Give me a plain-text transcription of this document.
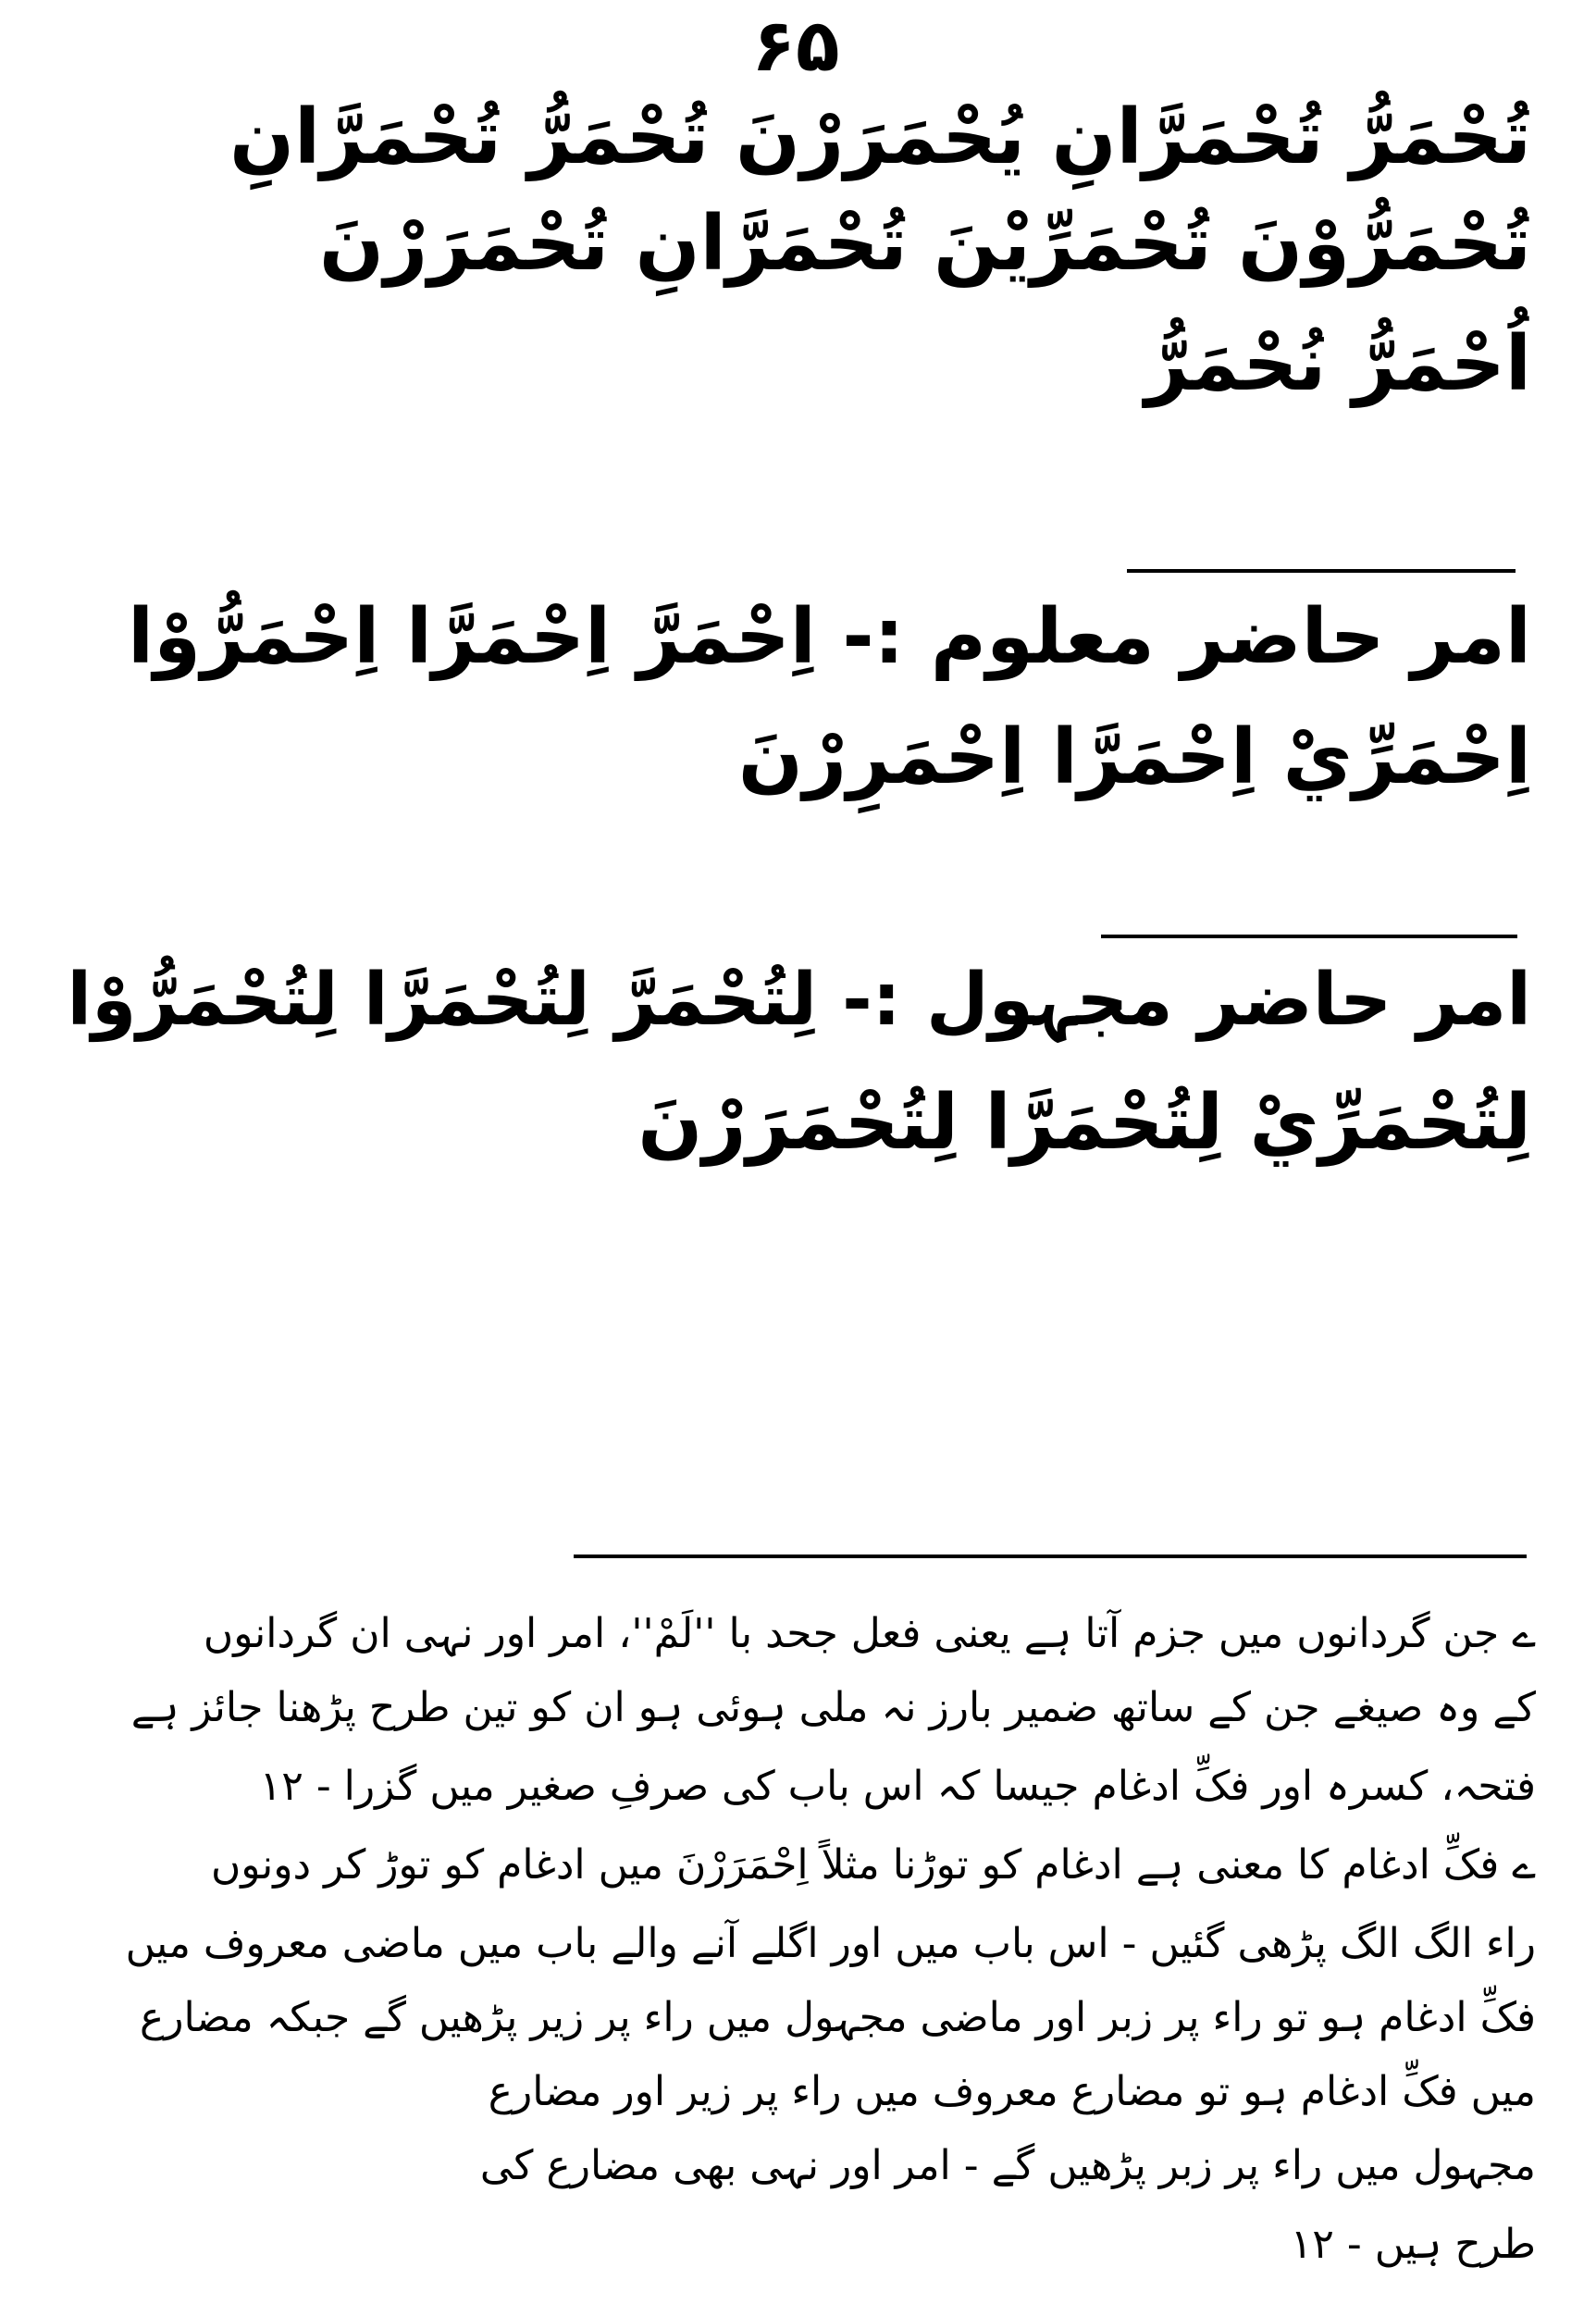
۶۵
تُحْمَرُّ تُحْمَرَّانِ يُحْمَرَرْنَ تُحْمَرُّ تُحْمَرَّانِ
تُحْمَرُّوْنَ تُحْمَرِّيْنَ تُحْمَرَّانِ تُحْمَرَرْنَ
اُحْمَرُّ نُحْمَرُّ
امر حاضر معلوم :- اِحْمَرَّ اِحْمَرَّا اِحْمَرُّوْا
اِحْمَرِّيْ اِحْمَرَّا اِحْمَرِرْنَ
امر حاضر مجہول :- لِتُحْمَرَّ لِتُحْمَرَّا لِتُحْمَرُّوْا
لِتُحْمَرِّيْ لِتُحْمَرَّا لِتُحْمَرَرْنَ
ے جن گردانوں میں جزم آتا ہے یعنی فعل جحد با ''لَمْ''، امر اور نہی ان گردانوں
کے وہ صیغے جن کے ساتھ ضمیر بارز نہ ملی ہوئی ہو ان کو تین طرح پڑھنا جائز ہے
فتحہ، کسرہ اور فکِّ ادغام جیسا کہ اس باب کی صرفِ صغیر میں گزرا - ۱۲
ے فکِّ ادغام کا معنی ہے ادغام کو توڑنا مثلاً اِحْمَرَرْنَ میں ادغام کو توڑ کر دونوں
راء الگ الگ پڑھی گئیں - اس باب میں اور اگلے آنے والے باب میں ماضی معروف میں
فکِّ ادغام ہو تو راء پر زبر اور ماضی مجہول میں راء پر زیر پڑھیں گے جبکہ مضارع
میں فکِّ ادغام ہو تو مضارع معروف میں راء پر زیر اور مضارع
مجہول میں راء پر زبر پڑھیں گے - امر اور نہی بھی مضارع کی
طرح ہیں - ۱۲
